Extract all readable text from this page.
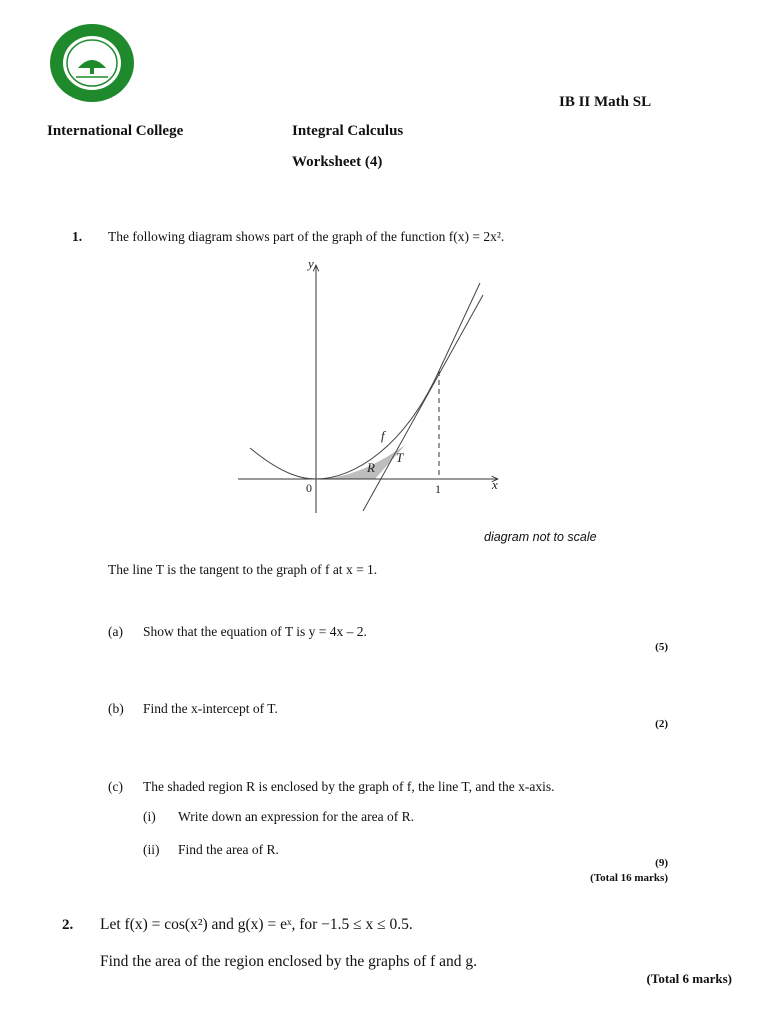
IB II Math SL
International College	Integral Calculus
Worksheet (4)
1. The following diagram shows part of the graph of the function f(x) = 2x².
y
x
0	1
f
T
R
diagram not to scale
The line T is the tangent to the graph of f at x = 1.
(a) Show that the equation of T is y = 4x – 2.
(5)
(b) Find the x-intercept of T.
(2)
(c) The shaded region R is enclosed by the graph of f, the line T, and the x-axis.
(i) Write down an expression for the area of R.
(ii) Find the area of R.
(9)
(Total 16 marks)
2. Let f(x) = cos(x²) and g(x) = eˣ, for −1.5 ≤ x ≤ 0.5.
Find the area of the region enclosed by the graphs of f and g.
(Total 6 marks)
